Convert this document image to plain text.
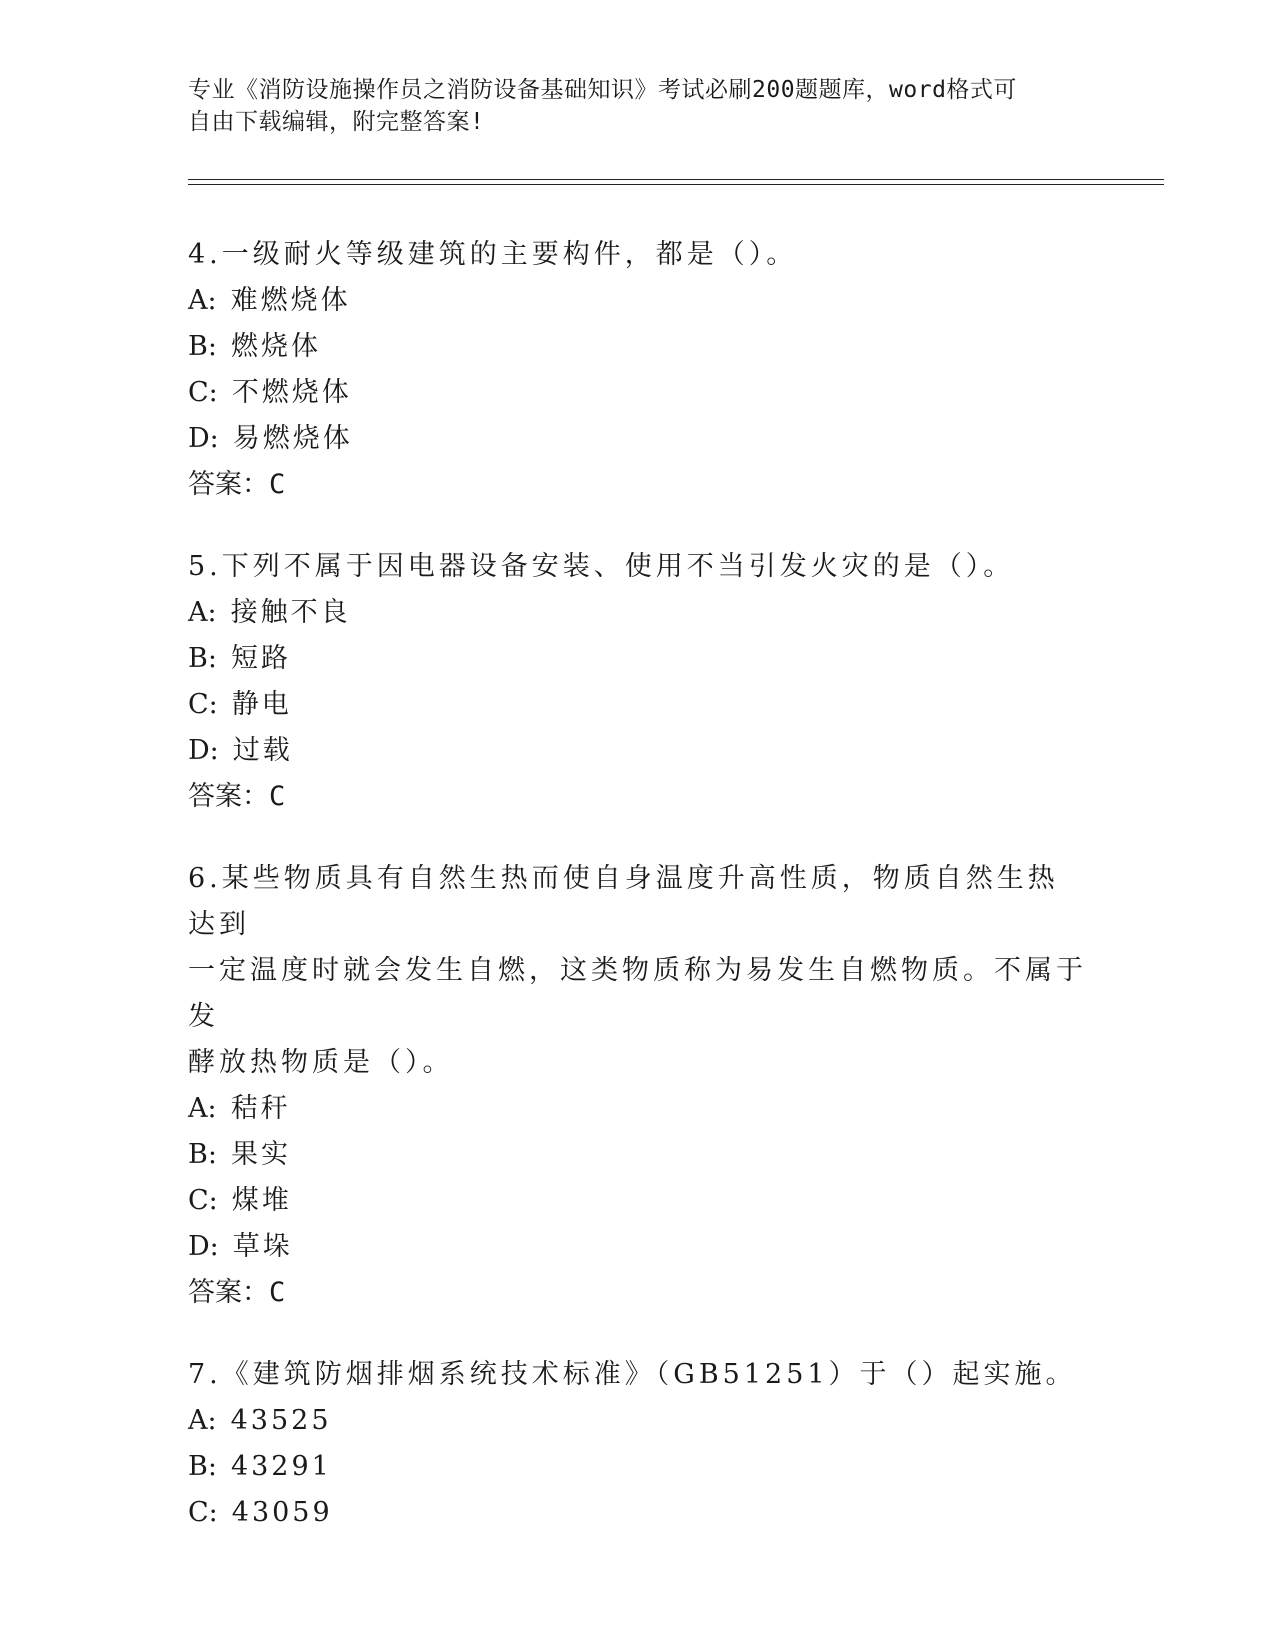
专业《消防设施操作员之消防设备基础知识》考试必刷200题题库，word格式可
自由下载编辑，附完整答案!

4.一级耐火等级建筑的主要构件，都是（）。

A: 难燃烧体

B: 燃烧体

C: 不燃烧体

D: 易燃烧体

答案：C

5.下列不属于因电器设备安装、使用不当引发火灾的是（）。

A: 接触不良

B: 短路

C: 静电

D: 过载

答案：C

6.某些物质具有自然生热而使自身温度升高性质，物质自然生热达到
一定温度时就会发生自燃，这类物质称为易发生自燃物质。不属于发
酵放热物质是（）。

A: 秸秆

B: 果实

C: 煤堆

D: 草垛

答案：C

7.《建筑防烟排烟系统技术标准》（GB51251）于（）起实施。

A: 43525

B: 43291

C: 43059
